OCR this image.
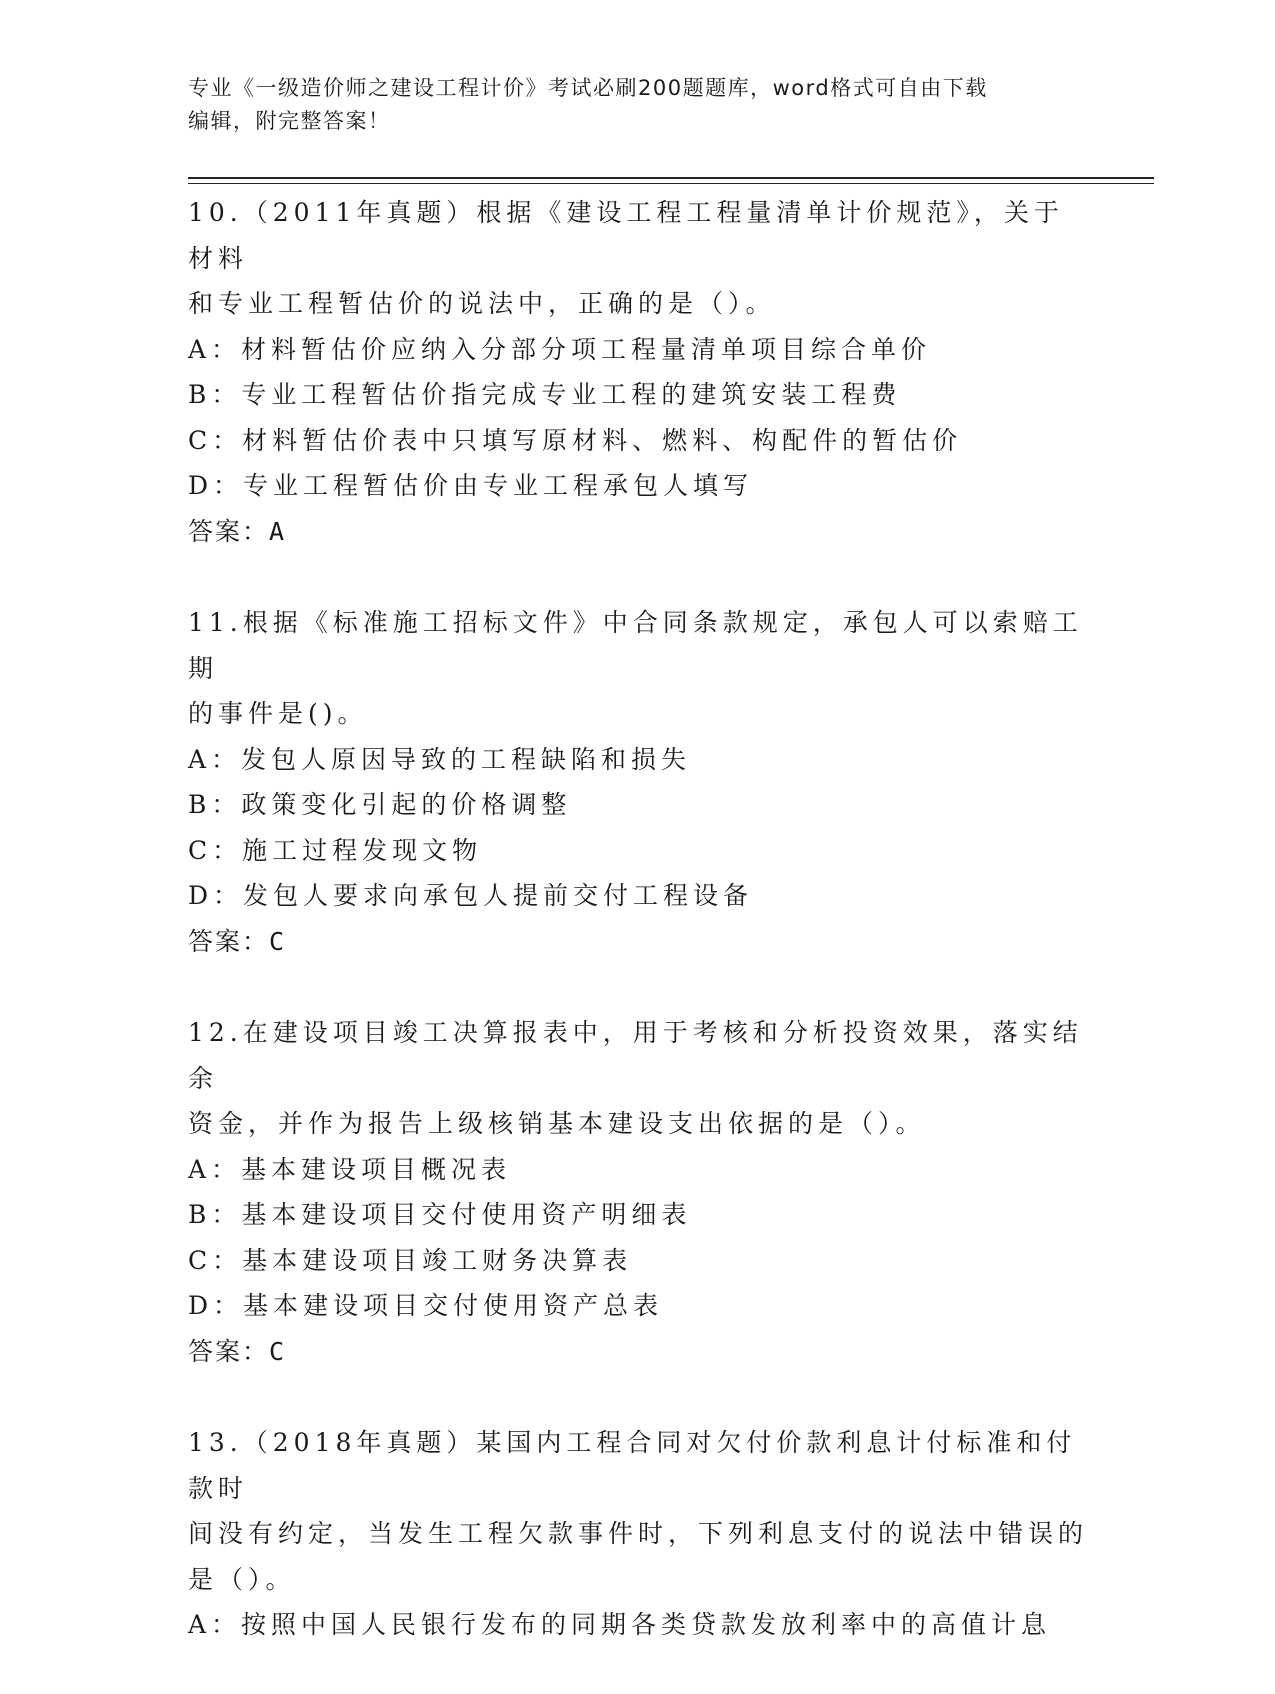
专业《一级造价师之建设工程计价》考试必刷200题题库，word格式可自由下载
编辑，附完整答案！

10.（2011年真题）根据《建设工程工程量清单计价规范》，关于材料

和专业工程暂估价的说法中，正确的是（）。

A：材料暂估价应纳入分部分项工程量清单项目综合单价

B：专业工程暂估价指完成专业工程的建筑安装工程费

C：材料暂估价表中只填写原材料、燃料、构配件的暂估价

D：专业工程暂估价由专业工程承包人填写

答案：A

11.根据《标准施工招标文件》中合同条款规定，承包人可以索赔工期

的事件是()。

A：发包人原因导致的工程缺陷和损失

B：政策变化引起的价格调整

C：施工过程发现文物

D：发包人要求向承包人提前交付工程设备

答案：C

12.在建设项目竣工决算报表中，用于考核和分析投资效果，落实结余

资金，并作为报告上级核销基本建设支出依据的是（）。

A：基本建设项目概况表

B：基本建设项目交付使用资产明细表

C：基本建设项目竣工财务决算表

D：基本建设项目交付使用资产总表

答案：C

13.（2018年真题）某国内工程合同对欠付价款利息计付标准和付款时

间没有约定，当发生工程欠款事件时，下列利息支付的说法中错误的

是（）。

A：按照中国人民银行发布的同期各类贷款发放利率中的高值计息
